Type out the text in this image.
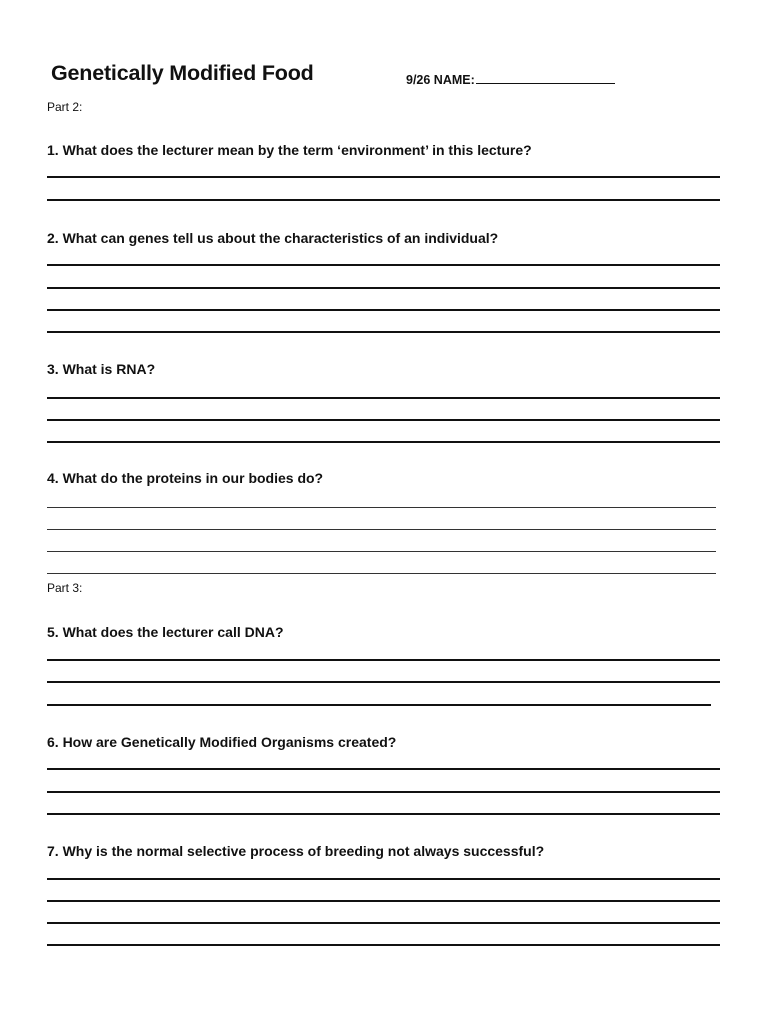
Genetically Modified Food	9/26 NAME:
Part 2:
1. What does the lecturer mean by the term ‘environment’ in this lecture?
2. What can genes tell us about the characteristics of an individual?
3. What is RNA?
4. What do the proteins in our bodies do?
Part 3:
5. What does the lecturer call DNA?
6. How are Genetically Modified Organisms created?
7. Why is the normal selective process of breeding not always successful?
